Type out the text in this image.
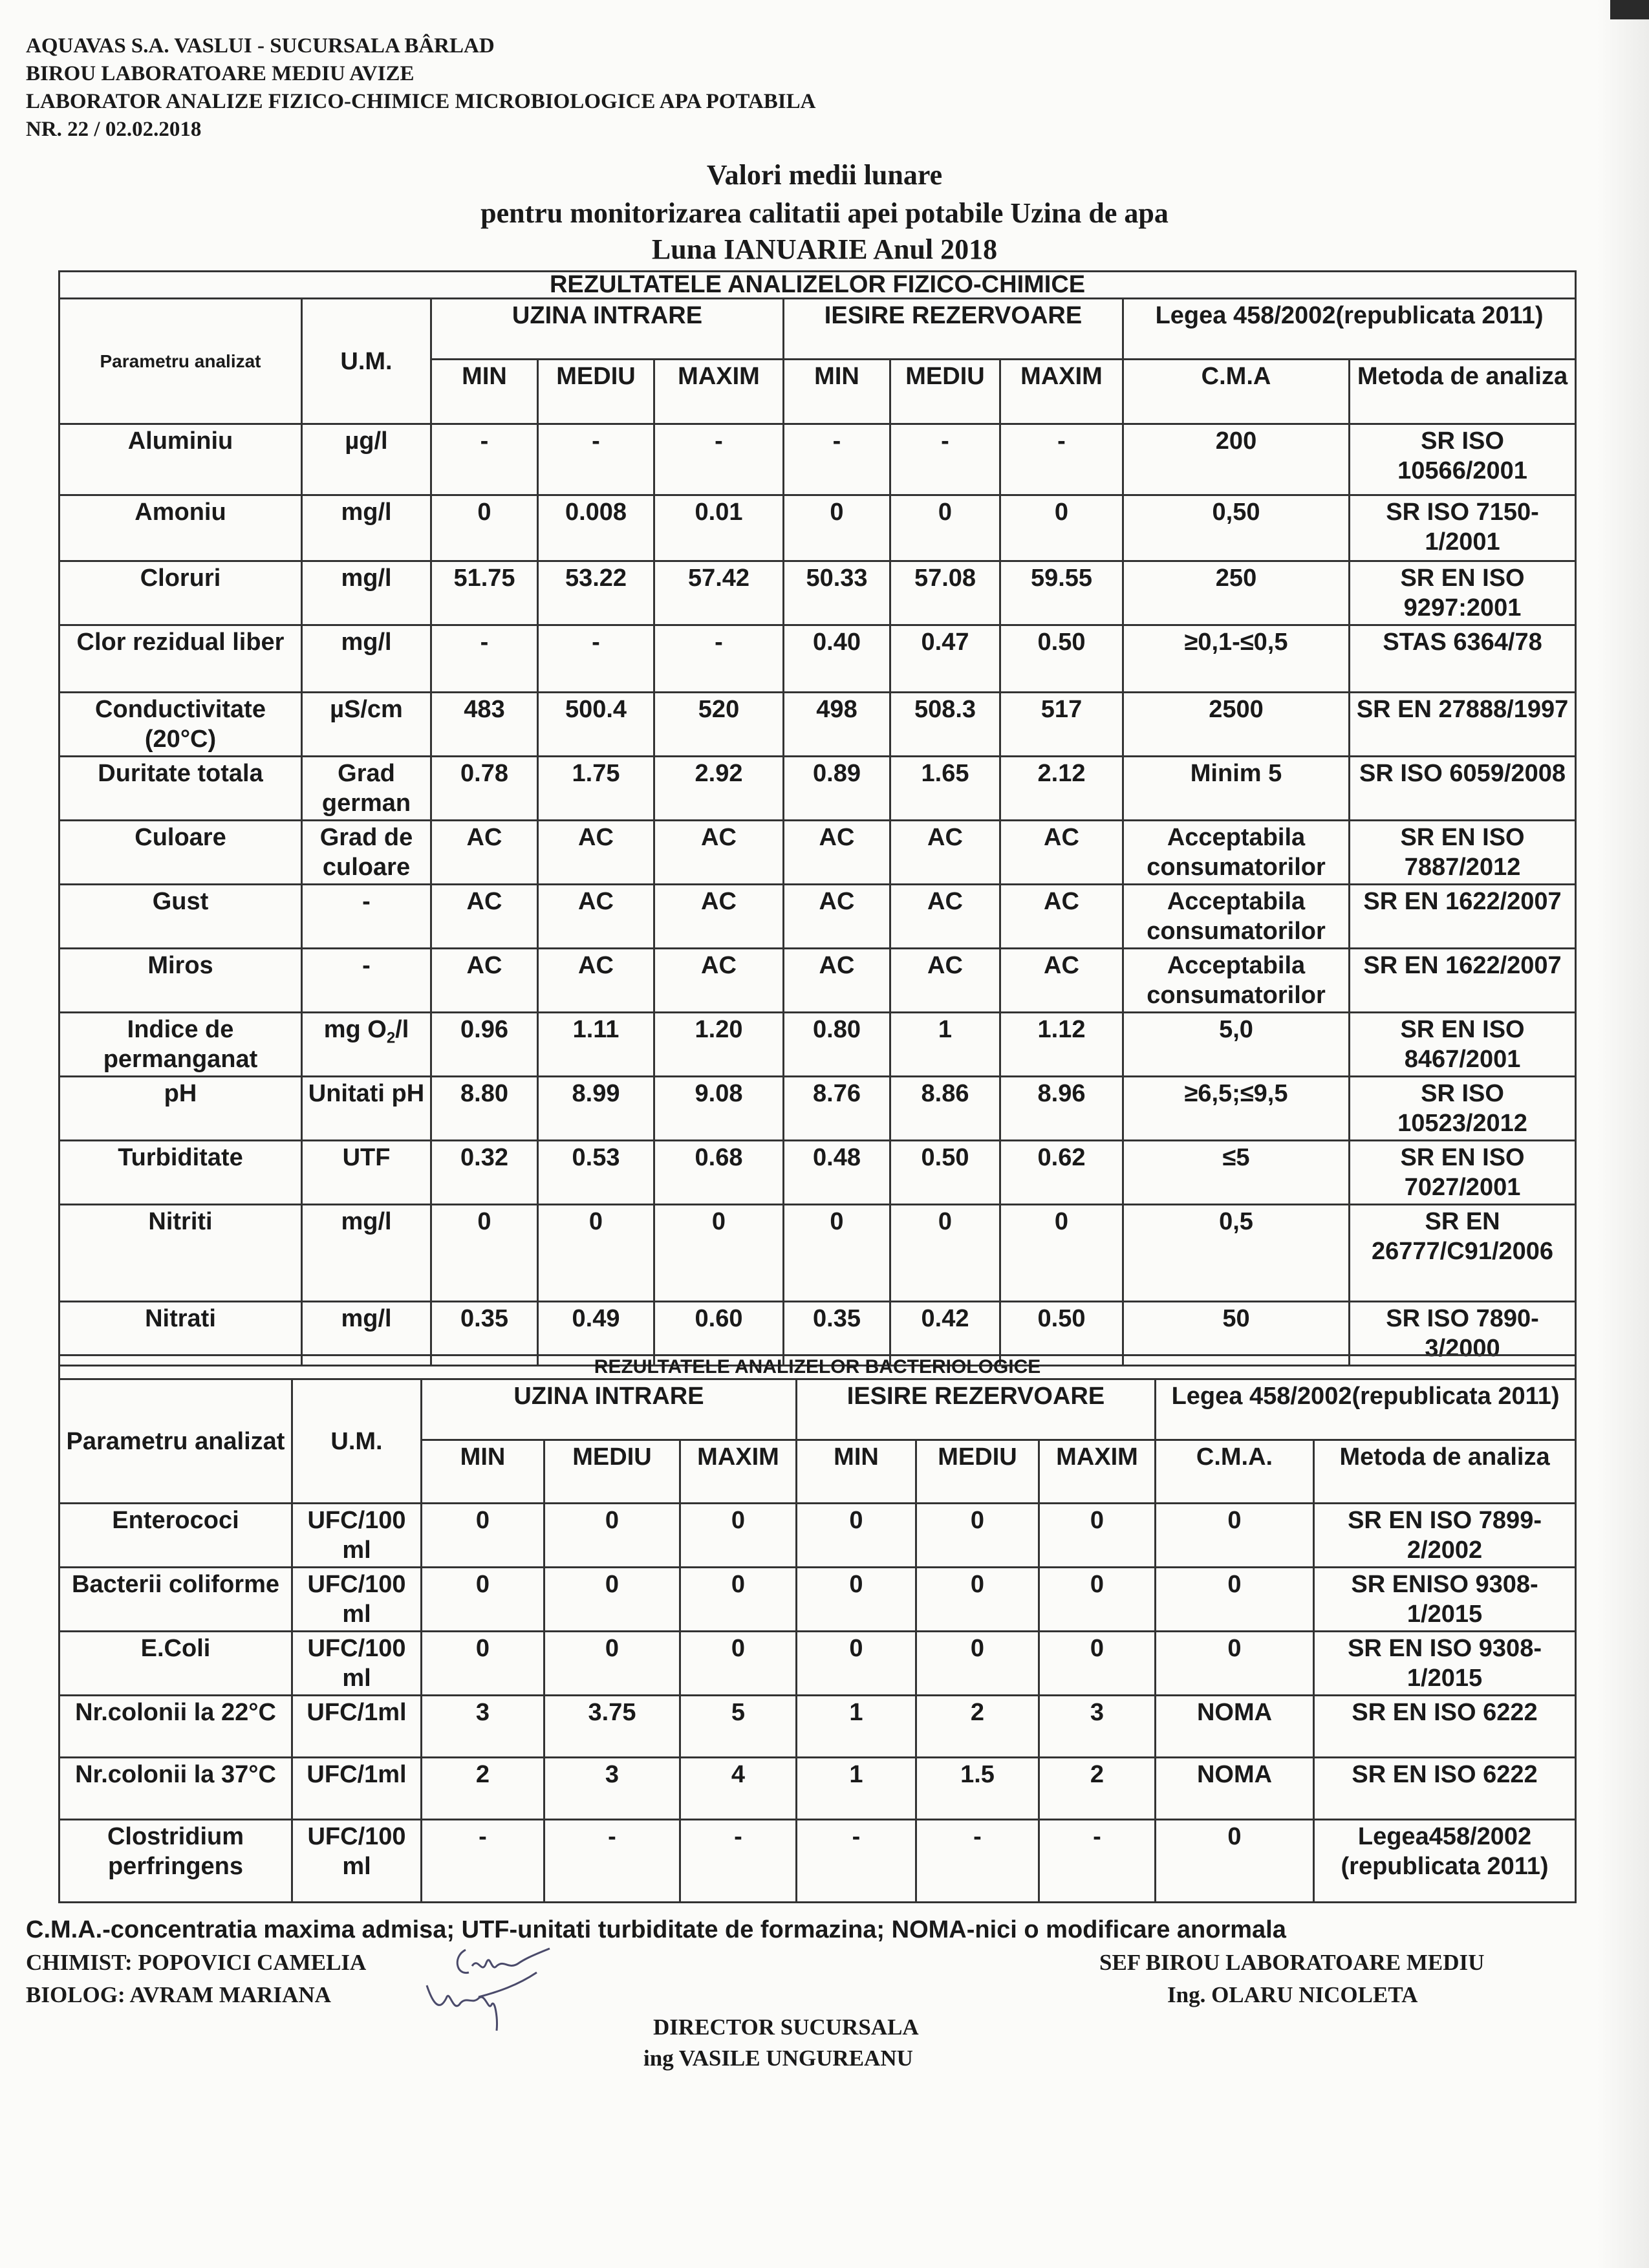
AQUAVAS S.A. VASLUI - SUCURSALA BÂRLAD
BIROU LABORATOARE MEDIU AVIZE
LABORATOR ANALIZE FIZICO-CHIMICE MICROBIOLOGICE APA POTABILA
NR. 22 / 02.02.2018
Valori medii lunare
pentru monitorizarea calitatii apei potabile Uzina de apa
Luna IANUARIE Anul 2018
REZULTATELE ANALIZELOR FIZICO-CHIMICE									
Parametru analizat	U.M.	UZINA INTRARE			IESIRE REZERVOARE			Legea 458/2002(republicata 2011)	
		MIN	MEDIU	MAXIM	MIN	MEDIU	MAXIM	C.M.A	Metoda de analiza
Aluminiu	µg/l	-	-	-	-	-	-	200	SR ISO 10566/2001
Amoniu	mg/l	0	0.008	0.01	0	0	0	0,50	SR ISO 7150-1/2001
Cloruri	mg/l	51.75	53.22	57.42	50.33	57.08	59.55	250	SR EN ISO 9297:2001
Clor rezidual liber	mg/l	-	-	-	0.40	0.47	0.50	≥0,1-≤0,5	STAS 6364/78
Conductivitate (20°C)	µS/cm	483	500.4	520	498	508.3	517	2500	SR EN 27888/1997
Duritate totala	Grad german	0.78	1.75	2.92	0.89	1.65	2.12	Minim 5	SR ISO 6059/2008
Culoare	Grad de culoare	AC	AC	AC	AC	AC	AC	Acceptabila consumatorilor	SR EN ISO 7887/2012
Gust	-	AC	AC	AC	AC	AC	AC	Acceptabila consumatorilor	SR EN 1622/2007
Miros	-	AC	AC	AC	AC	AC	AC	Acceptabila consumatorilor	SR EN 1622/2007
Indice de permanganat	mg $O_2/l$	0.96	1.11	1.20	0.80	1	1.12	5,0	SR EN ISO 8467/2001
pH	Unitati pH	8.80	8.99	9.08	8.76	8.86	8.96	≥6,5;≤9,5	SR ISO 10523/2012
Turbiditate	UTF	0.32	0.53	0.68	0.48	0.50	0.62	≤5	SR EN ISO 7027/2001
Nitriti	mg/l	0	0	0	0	0	0	0,5	SR EN 26777/C91/2006
Nitrati	mg/l	0.35	0.49	0.60	0.35	0.42	0.50	50	SR ISO 7890-3/2000
REZULTATELE ANALIZELOR BACTERIOLOGICE									
Parametru analizat	U.M.	UZINA INTRARE			IESIRE REZERVOARE			Legea 458/2002(republicata 2011)	
		MIN	MEDIU	MAXIM	MIN	MEDIU	MAXIM	C.M.A.	Metoda de analiza
Enterococi	UFC/100 ml	0	0	0	0	0	0	0	SR EN ISO 7899-2/2002
Bacterii coliforme	UFC/100 ml	0	0	0	0	0	0	0	SR ENISO 9308-1/2015
E.Coli	UFC/100 ml	0	0	0	0	0	0	0	SR EN ISO 9308-1/2015
Nr.colonii la 22°C	UFC/1ml	3	3.75	5	1	2	3	NOMA	SR EN ISO 6222
Nr.colonii la 37°C	UFC/1ml	2	3	4	1	1.5	2	NOMA	SR EN ISO 6222
Clostridium perfringens	UFC/100 ml	-	-	-	-	-	-	0	Legea458/2002 (republicata 2011)
C.M.A.-concentratia maxima admisa; UTF-unitati turbiditate de formazina; NOMA-nici o modificare anormala
CHIMIST: POPOVICI CAMELIA
BIOLOG: AVRAM MARIANA
SEF BIROU LABORATOARE MEDIU
Ing. OLARU NICOLETA
DIRECTOR SUCURSALA
ing VASILE UNGUREANU
